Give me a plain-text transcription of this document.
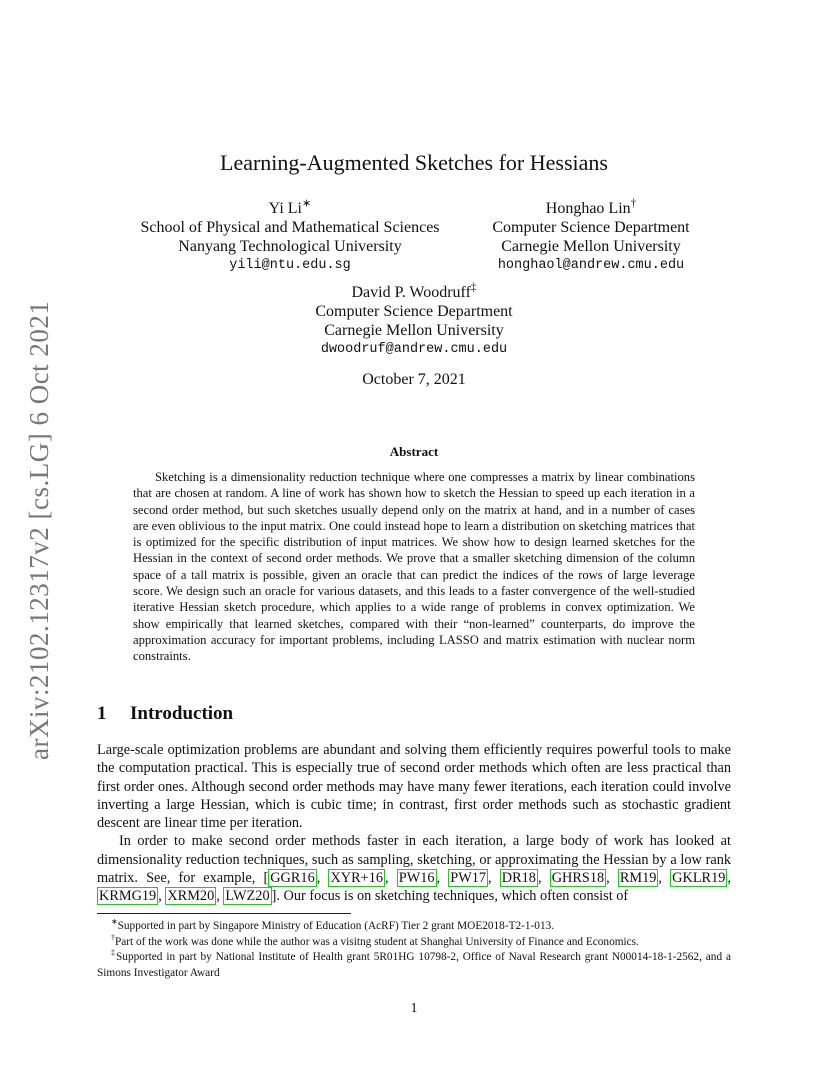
arXiv:2102.12317v2 [cs.LG] 6 Oct 2021
Learning-Augmented Sketches for Hessians
Yi Li∗
School of Physical and Mathematical Sciences
Nanyang Technological University
yili@ntu.edu.sg
Honghao Lin†
Computer Science Department
Carnegie Mellon University
honghaol@andrew.cmu.edu
David P. Woodruff‡
Computer Science Department
Carnegie Mellon University
dwoodruf@andrew.cmu.edu
October 7, 2021
Abstract
Sketching is a dimensionality reduction technique where one compresses a matrix by linear combinations that are chosen at random. A line of work has shown how to sketch the Hessian to speed up each iteration in a second order method, but such sketches usually depend only on the matrix at hand, and in a number of cases are even oblivious to the input matrix. One could instead hope to learn a distribution on sketching matrices that is optimized for the specific distribution of input matrices. We show how to design learned sketches for the Hessian in the context of second order methods. We prove that a smaller sketching dimension of the column space of a tall matrix is possible, given an oracle that can predict the indices of the rows of large leverage score. We design such an oracle for various datasets, and this leads to a faster convergence of the well-studied iterative Hessian sketch procedure, which applies to a wide range of problems in convex optimization. We show empirically that learned sketches, compared with their “non-learned” counterparts, do improve the approximation accuracy for important problems, including LASSO and matrix estimation with nuclear norm constraints.
1 Introduction

Large-scale optimization problems are abundant and solving them efficiently requires powerful tools to make the computation practical. This is especially true of second order methods which often are less practical than first order ones. Although second order methods may have many fewer iterations, each iteration could involve inverting a large Hessian, which is cubic time; in contrast, first order methods such as stochastic gradient descent are linear time per iteration.

In order to make second order methods faster in each iteration, a large body of work has looked at dimensionality reduction techniques, such as sampling, sketching, or approximating the Hessian by a low rank matrix. See, for example, [ GGR16 , XYR+16 , PW16 , PW17 , DR18 , GHRS18 , RM19 , GKLR19 , KRMG19 , XRM20 , LWZ20 ]. Our focus is on sketching techniques, which often consist of

∗Supported in part by Singapore Ministry of Education (AcRF) Tier 2 grant MOE2018-T2-1-013.

†Part of the work was done while the author was a visitng student at Shanghai University of Finance and Economics.

‡Supported in part by National Institute of Health grant 5R01HG 10798-2, Office of Naval Research grant N00014-18-1-2562, and a Simons Investigator Award

1
